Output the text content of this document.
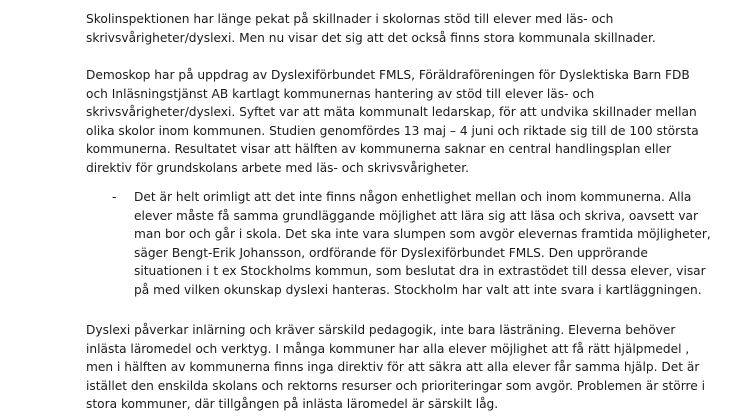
Skolinspektionen har länge pekat på skillnader i skolornas stöd till elever med läs- och
skrivsvårigheter/dyslexi. Men nu visar det sig att det också finns stora kommunala skillnader.

Demoskop har på uppdrag av Dyslexiförbundet FMLS, Föräldraföreningen för Dyslektiska Barn FDB
och Inläsningstjänst AB kartlagt kommunernas hantering av stöd till elever läs- och
skrivsvårigheter/dyslexi. Syftet var att mäta kommunalt ledarskap, för att undvika skillnader mellan
olika skolor inom kommunen. Studien genomfördes 13 maj – 4 juni och riktade sig till de 100 största
kommunerna. Resultatet visar att hälften av kommunerna saknar en central handlingsplan eller
direktiv för grundskolans arbete med läs- och skrivsvårigheter.

- Det är helt orimligt att det inte finns någon enhetlighet mellan och inom kommunerna. Alla
elever måste få samma grundläggande möjlighet att lära sig att läsa och skriva, oavsett var
man bor och går i skola. Det ska inte vara slumpen som avgör elevernas framtida möjligheter,
säger Bengt-Erik Johansson, ordförande för Dyslexiförbundet FMLS. Den upprörande
situationen i t ex Stockholms kommun, som beslutat dra in extrastödet till dessa elever, visar
på med vilken okunskap dyslexi hanteras. Stockholm har valt att inte svara i kartläggningen.

Dyslexi påverkar inlärning och kräver särskild pedagogik, inte bara lästräning. Eleverna behöver
inlästa läromedel och verktyg. I många kommuner har alla elever möjlighet att få rätt hjälpmedel ,
men i hälften av kommunerna finns inga direktiv för att säkra att alla elever får samma hjälp. Det är
istället den enskilda skolans och rektorns resurser och prioriteringar som avgör. Problemen är större i
stora kommuner, där tillgången på inlästa läromedel är särskilt låg.
